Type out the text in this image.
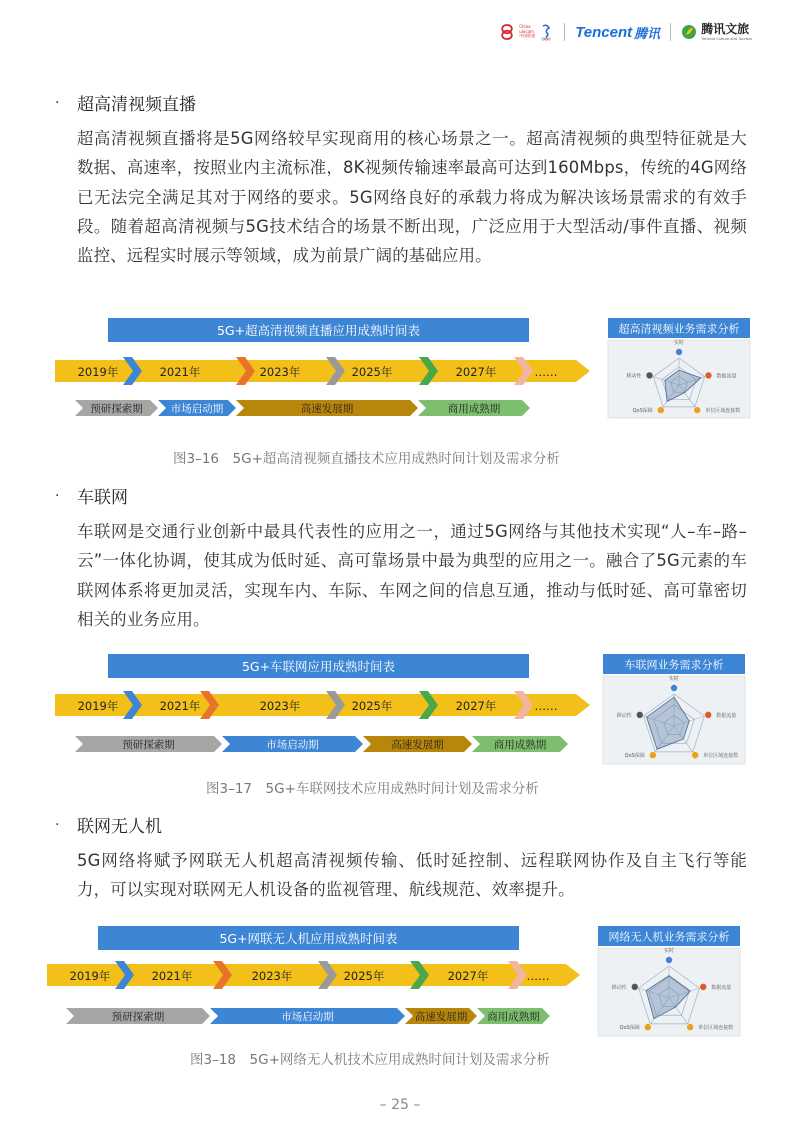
China unicom中国联通	Tencent 腾讯	腾讯文旅
Tencent Culture and Tourism
·	超高清视频直播
超高清视频直播将是5G网络较早实现商用的核心场景之一。超高清视频的典型特征就是大数据、高速率，按照业内主流标准，8K视频传输速率最高可达到160Mbps，传统的4G网络已无法完全满足其对于网络的要求。5G网络良好的承载力将成为解决该场景需求的有效手段。随着超高清视频与5G技术结合的场景不断出现，广泛应用于大型活动/事件直播、视频监控、远程实时展示等领域，成为前景广阔的基础应用。
5G+超高清视频直播应用成熟时间表
2019年	2021年	2023年	2025年	2027年	……
预研探索期	市场启动期	高速发展期	商用成熟期
超高清视频业务需求分析
实时
数据流量
单位区域连接数
QoS保障
移动性
图3–16　5G+超高清视频直播技术应用成熟时间计划及需求分析
·	车联网
车联网是交通行业创新中最具代表性的应用之一，通过5G网络与其他技术实现“人–车–路–云”一体化协调，使其成为低时延、高可靠场景中最为典型的应用之一。融合了5G元素的车联网体系将更加灵活，实现车内、车际、车网之间的信息互通，推动与低时延、高可靠密切相关的业务应用。
5G+车联网应用成熟时间表
2019年	2021年	2023年	2025年	2027年	……
预研探索期	市场启动期	高速发展期	商用成熟期
车联网业务需求分析
实时
数据流量
单位区域连接数
QoS保障
移动性
图3–17　5G+车联网技术应用成熟时间计划及需求分析
·	联网无人机
5G网络将赋予网联无人机超高清视频传输、低时延控制、远程联网协作及自主飞行等能力，可以实现对联网无人机设备的监视管理、航线规范、效率提升。
5G+网联无人机应用成熟时间表
2019年	2021年	2023年	2025年	2027年	……
预研探索期	市场启动期	高速发展期 商用成熟期
网络无人机业务需求分析
实时
数据流量
单位区域连接数
QoS保障
移动性
图3–18　5G+网络无人机技术应用成熟时间计划及需求分析
– 25 –
